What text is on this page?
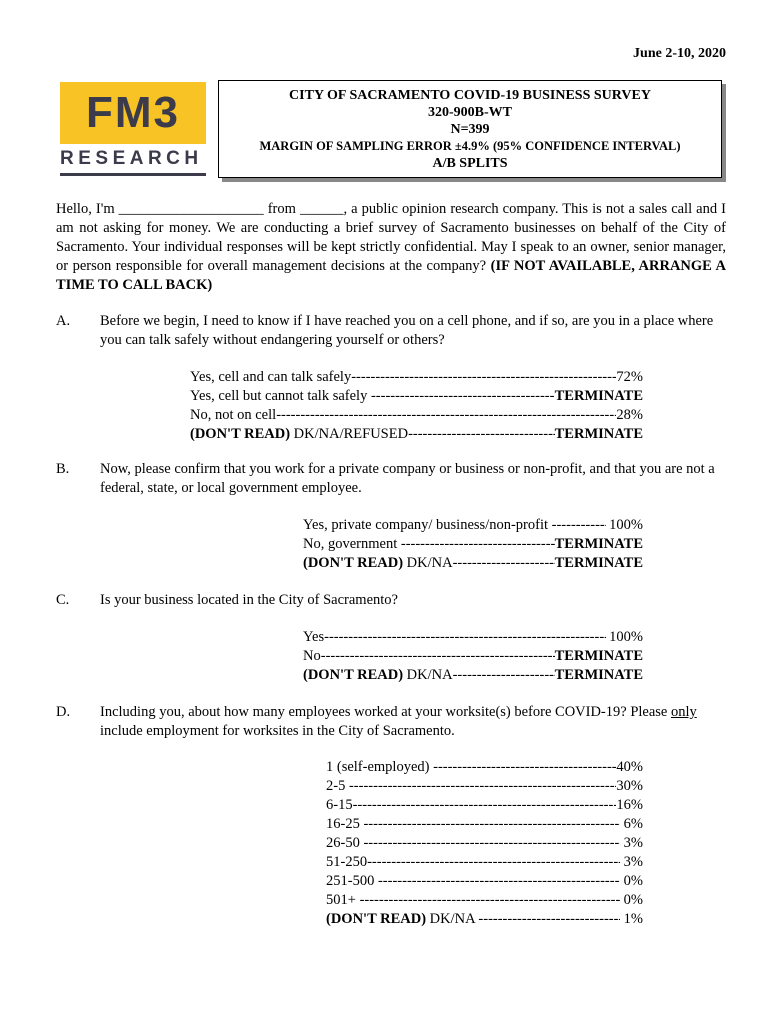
June 2-10, 2020
FM3
RESEARCH
CITY OF SACRAMENTO COVID-19 BUSINESS SURVEY
320-900B-WT
N=399
MARGIN OF SAMPLING ERROR ±4.9% (95% CONFIDENCE INTERVAL)
A/B SPLITS
Hello, I'm ____________________ from ______, a public opinion research company. This is not a sales call and I am not asking for money. We are conducting a brief survey of Sacramento businesses on behalf of the City of Sacramento. Your individual responses will be kept strictly confidential. May I speak to an owner, senior manager, or person responsible for overall management decisions at the company? (IF NOT AVAILABLE, ARRANGE A TIME TO CALL BACK)
A. Before we begin, I need to know if I have reached you on a cell phone, and if so, are you in a place where you can talk safely without endangering yourself or others?
Yes, cell and can talk safely -----	72%
Yes, cell but cannot talk safely -----	TERMINATE
No, not on cell -----	28%
(DON'T READ) DK/NA/REFUSED -----	TERMINATE
B. Now, please confirm that you work for a private company or business or non-profit, and that you are not a federal, state, or local government employee.
Yes, private company/ business/non-profit -----	100%
No, government -----	TERMINATE
(DON'T READ) DK/NA -----	TERMINATE
C. Is your business located in the City of Sacramento?
Yes -----	100%
No -----	TERMINATE
(DON'T READ) DK/NA -----	TERMINATE
D. Including you, about how many employees worked at your worksite(s) before COVID-19? Please only include employment for worksites in the City of Sacramento.
1 (self-employed) -----	40%
2-5 -----	30%
6-15 -----	16%
16-25 -----	6%
26-50 -----	3%
51-250 -----	3%
251-500 -----	0%
501+ -----	0%
(DON'T READ) DK/NA -----	1%
